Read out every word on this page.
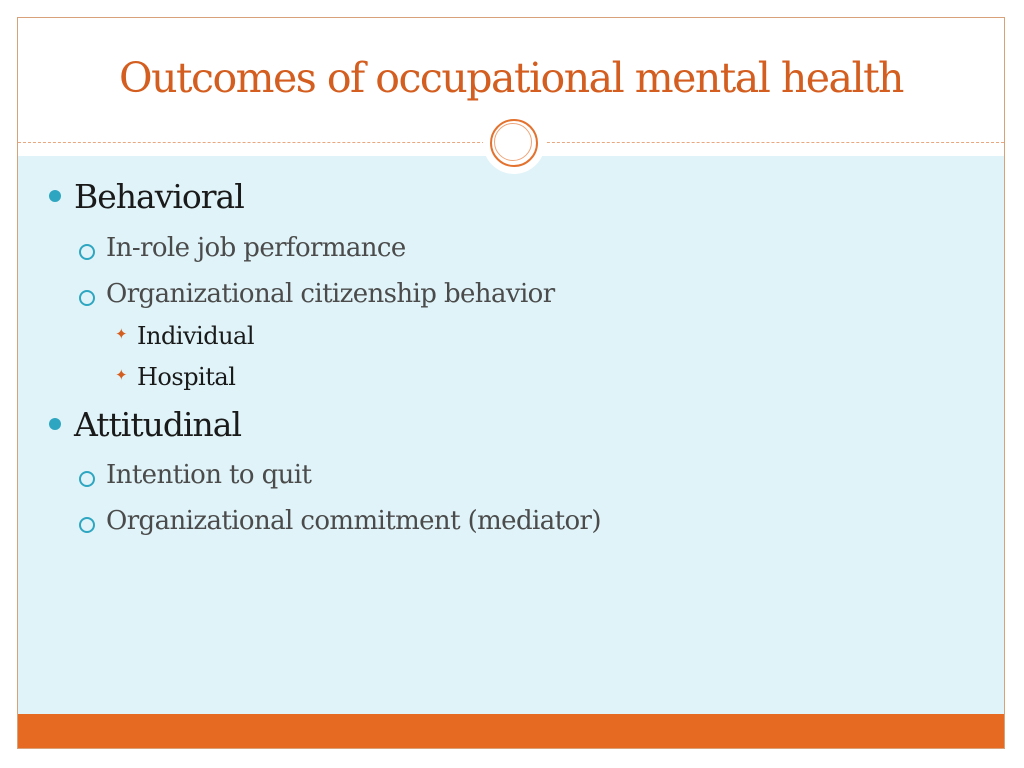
Outcomes of occupational mental health
Behavioral
In-role job performance
Organizational citizenship behavior
✦ Individual
✦ Hospital
Attitudinal
Intention to quit
Organizational commitment (mediator)
